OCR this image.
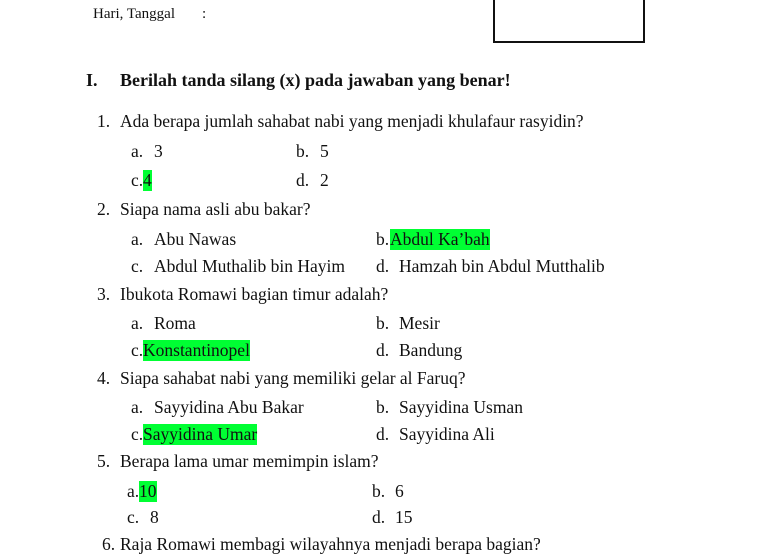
Hari, Tanggal :
I. Berilah tanda silang (x) pada jawaban yang benar!
1. Ada berapa jumlah sahabat nabi yang menjadi khulafaur rasyidin?
a. 3	b. 5
c. 4	d. 2
2. Siapa nama asli abu bakar?
a. Abu Nawas	b. Abdul Ka’bah
c. Abdul Muthalib bin Hayim d. Hamzah bin Abdul Mutthalib
3. Ibukota Romawi bagian timur adalah?
a. Roma	b. Mesir
c. Konstantinopel	d. Bandung
4. Siapa sahabat nabi yang memiliki gelar al Faruq?
a. Sayyidina Abu Bakar	b. Sayyidina Usman
c. Sayyidina Umar	d. Sayyidina Ali
5. Berapa lama umar memimpin islam?
a. 10	b. 6
c. 8	d. 15
6. Raja Romawi membagi wilayahnya menjadi berapa bagian?
